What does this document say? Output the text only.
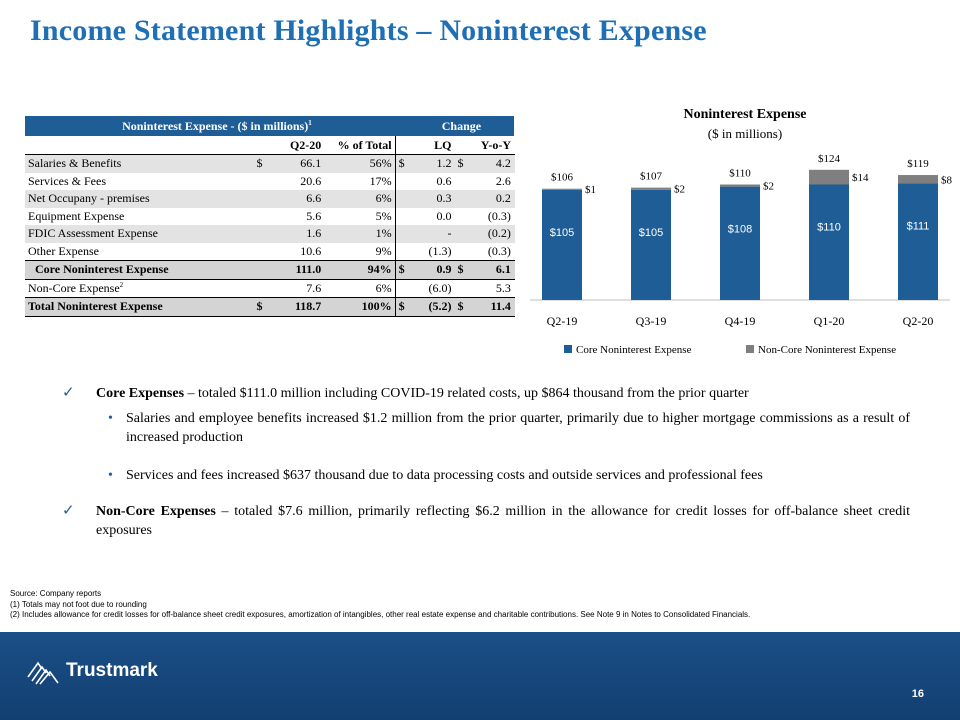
Income Statement Highlights – Noninterest Expense
Noninterest Expense - ($ in millions)$^1$					Change			
	Q2-20		% of Total	LQ		Y-o-Y		
Salaries & Benefits	$	66.1	56%	$	1.2	$	4.2	
Services & Fees		20.6	17%		0.6		2.6	
Net Occupany - premises		6.6	6%		0.3		0.2	
Equipment Expense		5.6	5%		0.0		(0.3)	
FDIC Assessment Expense		1.6	1%		-		(0.2)	
Other Expense		10.6	9%		(1.3)		(0.3)	
Core Noninterest Expense		111.0	94%	$	0.9	$	6.1	
Non-Core Expense$^2$		7.6	6%		(6.0)		5.3	
Total Noninterest Expense	$	118.7	100%	$	(5.2)	$	11.4	
Noninterest Expense
($ in millions)
$105
$1
$106
Q2-19
$105
$2
$107
Q3-19
$108
$2
$110
Q4-19
$110
$14
$124
Q1-20
$111
$8
$119
Q2-20
Core Noninterest Expense	Non-Core Noninterest Expense
✓ Core Expenses – totaled $111.0 million including COVID-19 related costs, up $864 thousand from the prior quarter
• Salaries and employee benefits increased $1.2 million from the prior quarter, primarily due to higher mortgage commissions as a result of increased production
• Services and fees increased $637 thousand due to data processing costs and outside services and professional fees
✓ Non-Core Expenses – totaled $7.6 million, primarily reflecting $6.2 million in the allowance for credit losses for off-balance sheet credit exposures
Source: Company reports
(1) Totals may not foot due to rounding
(2) Includes allowance for credit losses for off-balance sheet credit exposures, amortization of intangibles, other real estate expense and charitable contributions. See Note 9 in Notes to Consolidated Financials.
Trustmark
16
